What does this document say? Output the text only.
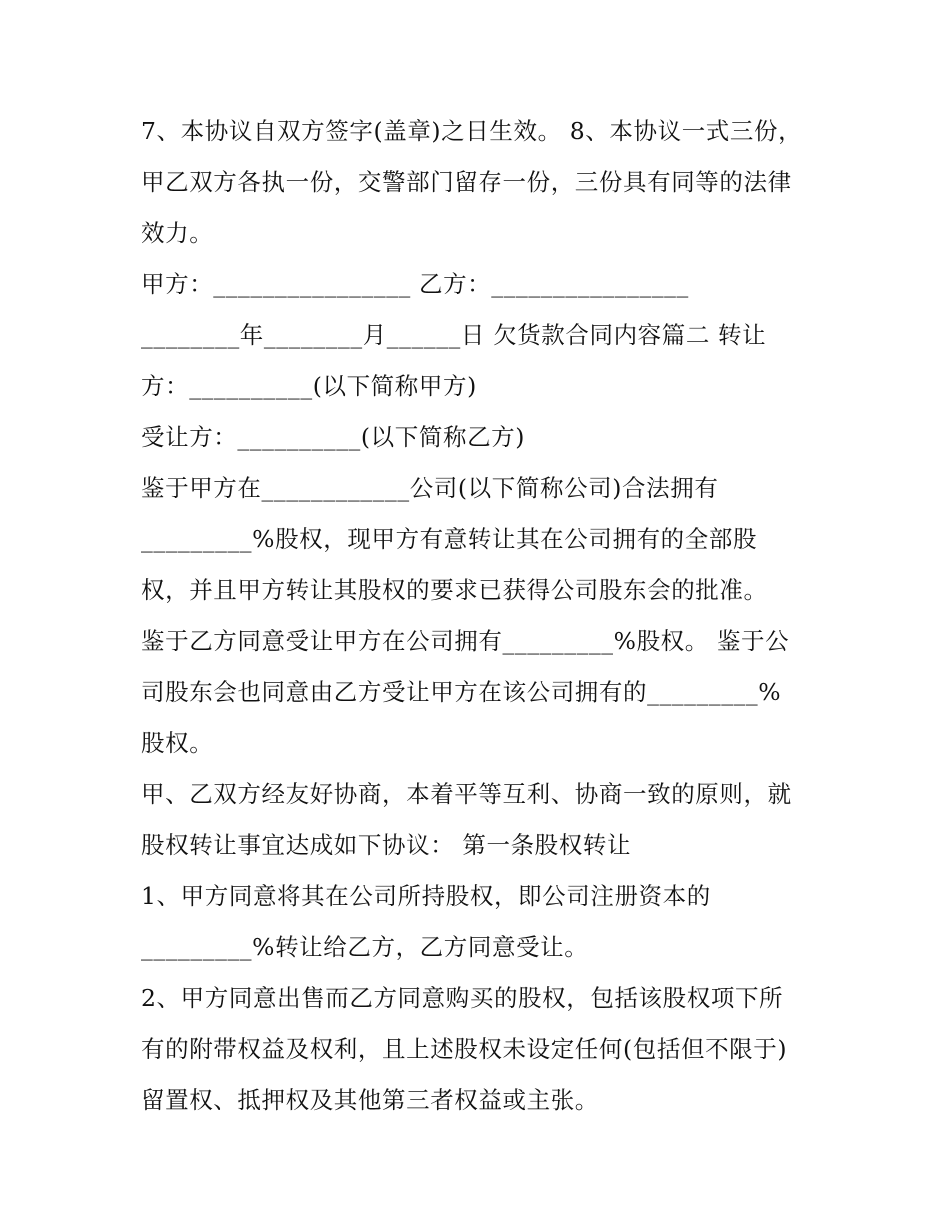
7、本协议自双方签字(盖章)之日生效。 8、本协议一式三份，
甲乙双方各执一份，交警部门留存一份，三份具有同等的法律
效力。
甲方：________________ 乙方：________________
________年________月______日 欠货款合同内容篇二 转让
方：__________(以下简称甲方)
受让方：__________(以下简称乙方)
鉴于甲方在____________公司(以下简称公司)合法拥有
_________%股权，现甲方有意转让其在公司拥有的全部股
权，并且甲方转让其股权的要求已获得公司股东会的批准。
鉴于乙方同意受让甲方在公司拥有_________%股权。 鉴于公
司股东会也同意由乙方受让甲方在该公司拥有的_________%
股权。
甲、乙双方经友好协商，本着平等互利、协商一致的原则，就
股权转让事宜达成如下协议： 第一条股权转让
1、甲方同意将其在公司所持股权，即公司注册资本的
_________%转让给乙方，乙方同意受让。
2、甲方同意出售而乙方同意购买的股权，包括该股权项下所
有的附带权益及权利，且上述股权未设定任何(包括但不限于)
留置权、抵押权及其他第三者权益或主张。
